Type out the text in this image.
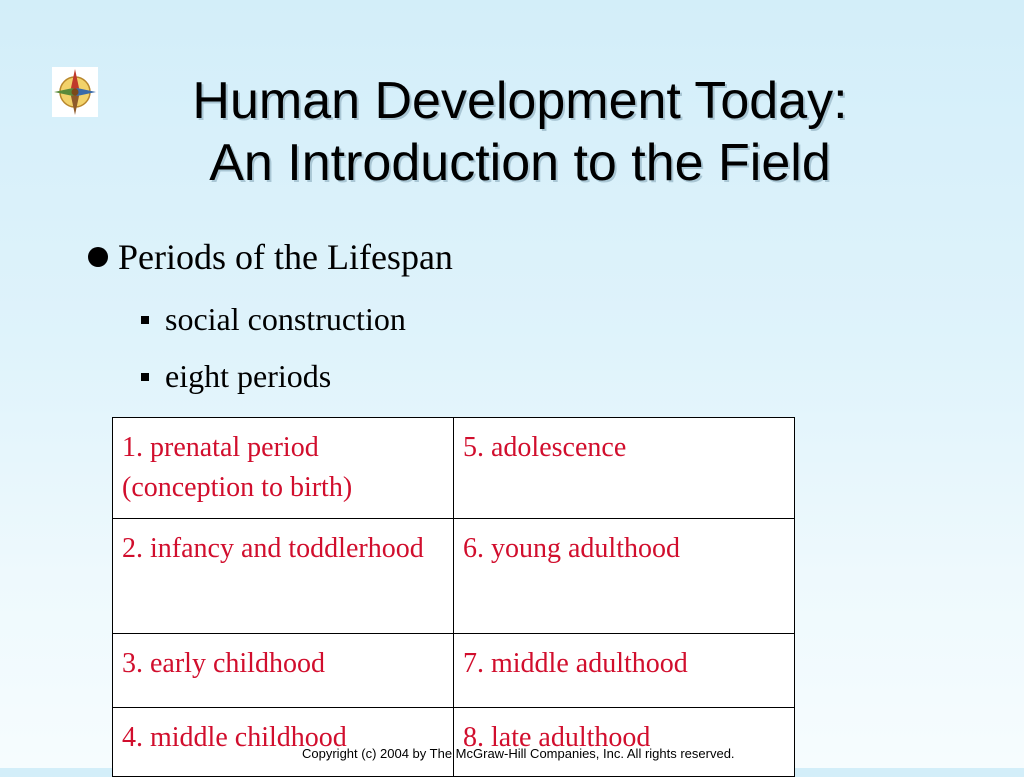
Human Development Today:
An Introduction to the Field
Periods of the Lifespan
social construction
eight periods
1. prenatal period (conception to birth)	5. adolescence
2. infancy and toddlerhood	6. young adulthood
3. early childhood	7. middle adulthood
4. middle childhood	8. late adulthood
Copyright (c) 2004 by The McGraw-Hill Companies, Inc. All rights reserved.
